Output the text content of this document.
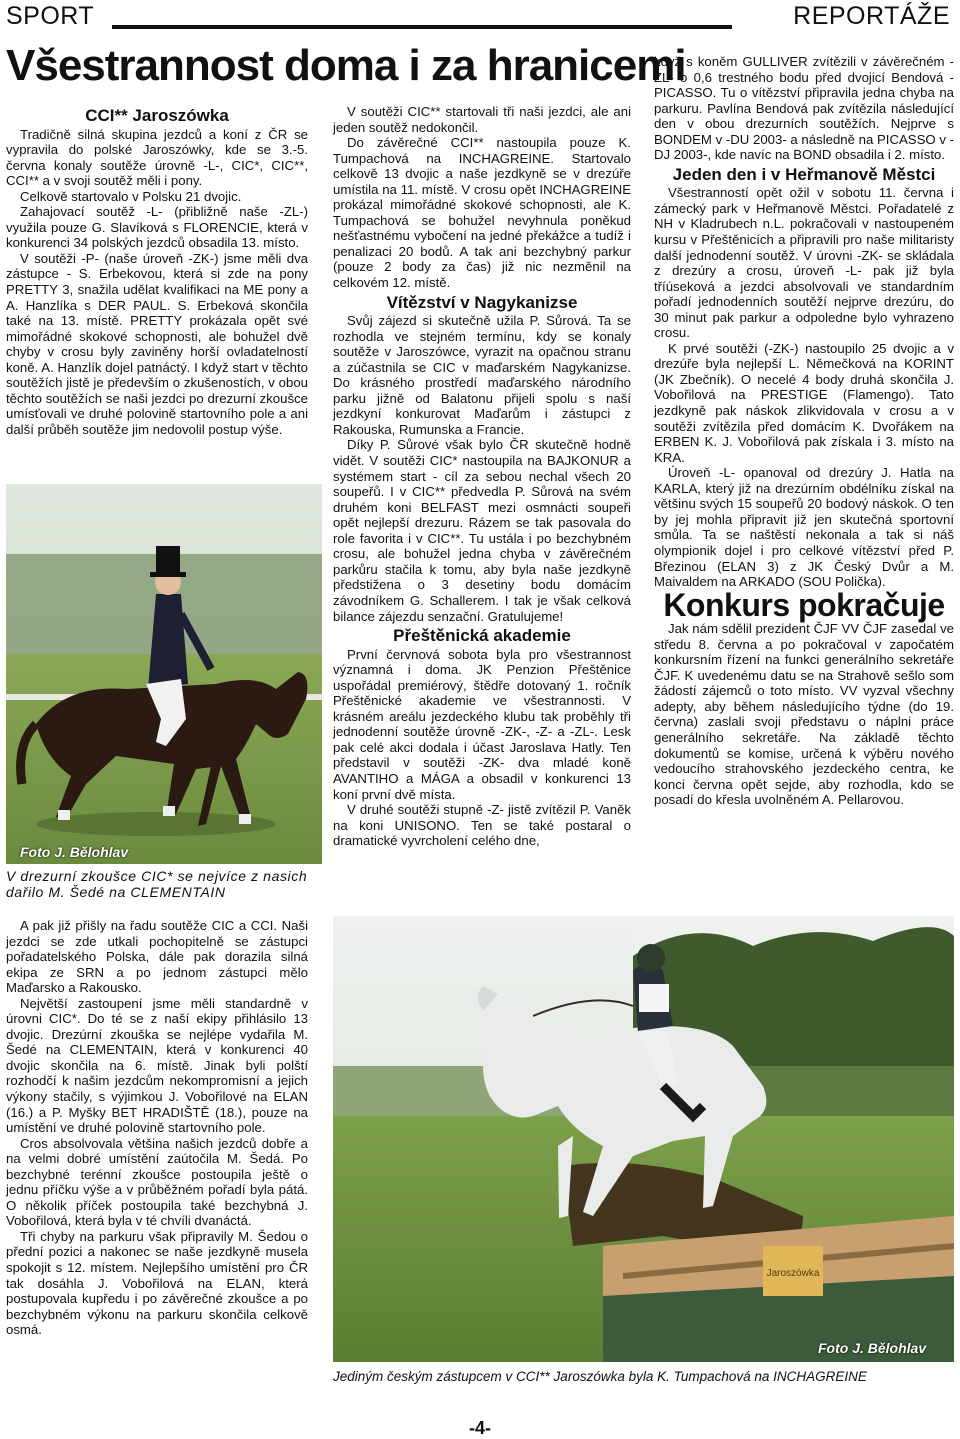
SPORT	REPORTÁŽE
Všestrannost doma i za hranicemi
CCI** Jaroszówka

Tradičně silná skupina jezdců a koní z ČR se vypravila do polské Jaroszówky, kde se 3.-5. června konaly soutěže úrovně -L-, CIC*, CIC**, CCI** a v svoji soutěž měli i pony.

Celkově startovalo v Polsku 21 dvojic.

Zahajovací soutěž -L- (přibližně naše -ZL-) využila pouze G. Slavíková s FLORENCIE, která v konkurenci 34 polských jezdců obsadila 13. místo.

V soutěži -P- (naše úroveň -ZK-) jsme měli dva zástupce - S. Erbekovou, která si zde na pony PRETTY 3, snažila udělat kvalifikaci na ME pony a A. Hanzlíka s DER PAUL. S. Erbeková skončila také na 13. místě. PRETTY prokázala opět své mimořádné skokové schopnosti, ale bohužel dvě chyby v crosu byly zaviněny horší ovladatelností koně. A. Hanzlík dojel patnáctý. I když start v těchto soutěžích jistě je především o zkušenostích, v obou těchto soutěžích se naši jezdci po drezurní zkoušce umísťovali ve druhé polovině startovního pole a ani další průběh soutěže jim nedovolil postup výše.

Foto J. Bělohlav
V drezurní zkoušce CIC* se nejvíce z nasich dařilo M. Šedé na CLEMENTAIN

A pak již přišly na řadu soutěže CIC a CCI. Naši jezdci se zde utkali pochopitelně se zástupci pořadatelského Polska, dále pak dorazila silná ekipa ze SRN a po jednom zástupci mělo Maďarsko a Rakousko.

Největší zastoupení jsme měli standardně v úrovni CIC*. Do té se z naší ekipy přihlásilo 13 dvojic. Drezúrní zkouška se nejlépe vydařila M. Šedé na CLEMENTAIN, která v konkurenci 40 dvojic skončila na 6. místě. Jinak byli polští rozhodčí k našim jezdcům nekompromisní a jejich výkony stačily, s výjimkou J. Vobořilové na ELAN (16.) a P. Myšky BET HRADIŠTĚ (18.), pouze na umístění ve druhé polovině startovního pole.

Cros absolvovala většina našich jezdců dobře a na velmi dobré umístění zaútočila M. Šedá. Po bezchybné terénní zkoušce postoupila ještě o jednu příčku výše a v průběžném pořadí byla pátá. O několik příček postoupila také bezchybná J. Vobořilová, která byla v té chvíli dvanáctá.

Tři chyby na parkuru však připravily M. Šedou o přední pozici a nakonec se naše jezdkyně musela spokojit s 12. místem. Nejlepšího umístění pro ČR tak dosáhla J. Vobořilová na ELAN, která postupovala kupředu i po závěrečné zkoušce a po bezchybném výkonu na parkuru skončila celkově osmá.

V soutěži CIC** startovali tři naši jezdci, ale ani jeden soutěž nedokončil.

Do závěrečné CCI** nastoupila pouze K. Tumpachová na INCHAGREINE. Startovalo celkově 13 dvojic a naše jezdkyně se v drezúře umístila na 11. místě. V crosu opět INCHAGREINE prokázal mimořádné skokové schopnosti, ale K. Tumpachová se bohužel nevyhnula poněkud nešťastnému vybočení na jedné překážce a tudíž i penalizaci 20 bodů. A tak ani bezchybný parkur (pouze 2 body za čas) již nic nezměnil na celkovém 12. místě.

Vítězství v Nagykanizse

Svůj zájezd si skutečně užila P. Sůrová. Ta se rozhodla ve stejném termínu, kdy se konaly soutěže v Jaroszówce, vyrazit na opačnou stranu a zúčastnila se CIC v maďarském Nagykanizse. Do krásného prostředí maďarského národního parku jižně od Balatonu přijeli spolu s naší jezdkyní konkurovat Maďarům i zástupci z Rakouska, Rumunska a Francie.

Díky P. Sůrové však bylo ČR skutečně hodně vidět. V soutěži CIC* nastoupila na BAJKONUR a systémem start - cíl za sebou nechal všech 20 soupeřů. I v CIC** předvedla P. Sůrová na svém druhém koni BELFAST mezi osmnácti soupeři opět nejlepší drezuru. Rázem se tak pasovala do role favorita i v CIC**. Tu ustála i po bezchybném crosu, ale bohužel jedna chyba v závěrečném parkůru stačila k tomu, aby byla naše jezdkyně předstižena o 3 desetiny bodu domácím závodníkem G. Schallerem. I tak je však celková bilance zájezdu senzační. Gratulujeme!

Přeštěnická akademie

První červnová sobota byla pro všestrannost významná i doma. JK Penzion Přeštěnice uspořádal premiérový, štědře dotovaný 1. ročník Přeštěnické akademie ve všestrannosti. V krásném areálu jezdeckého klubu tak proběhly tři jednodenní soutěže úrovně -ZK-, -Z- a -ZL-. Lesk pak celé akci dodala i účast Jaroslava Hatly. Ten představil v soutěži -ZK- dva mladé koně AVANTIHO a MÁGA a obsadil v konkurenci 13 koní první dvě místa.

V druhé soutěži stupně -Z- jistě zvítězil P. Vaněk na koni UNISONO. Ten se také postaral o dramatické vyvrcholení celého dne,

když s koněm GULLIVER zvítězili v závěrečném -ZL- o 0,6 trestného bodu před dvojicí Bendová - PICASSO. Tu o vítězství připravila jedna chyba na parkuru. Pavlína Bendová pak zvítězila následující den v obou drezurních soutěžích. Nejprve s BONDEM v -DU 2003- a následně na PICASSO v -DJ 2003-, kde navíc na BOND obsadila i 2. místo.

Jeden den i v Heřmanově Městci

Všestranností opět ožil v sobotu 11. června i zámecký park v Heřmanově Městci. Pořadatelé z NH v Kladrubech n.L. pokračovali v nastoupeném kursu v Přeštěnicích a připravili pro naše militaristy další jednodenní soutěž. V úrovni -ZK- se skládala z drezúry a crosu, úroveň -L- pak již byla tříúseková a jezdci absolvovali ve standardním pořadí jednodenních soutěží nejprve drezúru, do 30 minut pak parkur a odpoledne bylo vyhrazeno crosu.

K prvé soutěži (-ZK-) nastoupilo 25 dvojic a v drezúře byla nejlepší L. Němečková na KORINT (JK Zbečník). O necelé 4 body druhá skončila J. Vobořilová na PRESTIGE (Flamengo). Tato jezdkyně pak náskok zlikvidovala v crosu a v soutěži zvítězila před domácím K. Dvořákem na ERBEN K. J. Vobořilová pak získala i 3. místo na KRA.

Úroveň -L- opanoval od drezúry J. Hatla na KARLA, který již na drezúrním obdélníku získal na většinu svých 15 soupeřů 20 bodový náskok. O ten by jej mohla připravit již jen skutečná sportovní smůla. Ta se naštěstí nekonala a tak si náš olympionik dojel i pro celkové vítězství před P. Březinou (ELAN 3) z JK Český Dvůr a M. Maivaldem na ARKADO (SOU Polička).

Konkurs pokračuje

Jak nám sdělil prezident ČJF VV ČJF zasedal ve středu 8. června a po pokračoval v započatém konkursním řízení na funkci generálního sekretáře ČJF. K uvedenému datu se na Strahově sešlo som žádostí zájemců o toto místo. VV vyzval všechny adepty, aby během následujícího týdne (do 19. června) zaslali svoji představu o náplni práce generálního sekretáře. Na základě těchto dokumentů se komise, určená k výběru nového vedoucího strahovského jezdeckého centra, ke konci června opět sejde, aby rozhodla, kdo se posadí do křesla uvolněném A. Pellarovou.

Jaroszówka
Foto J. Bělohlav
Jediným českým zástupcem v CCI** Jaroszówka byla K. Tumpachová na INCHAGREINE
-4-
